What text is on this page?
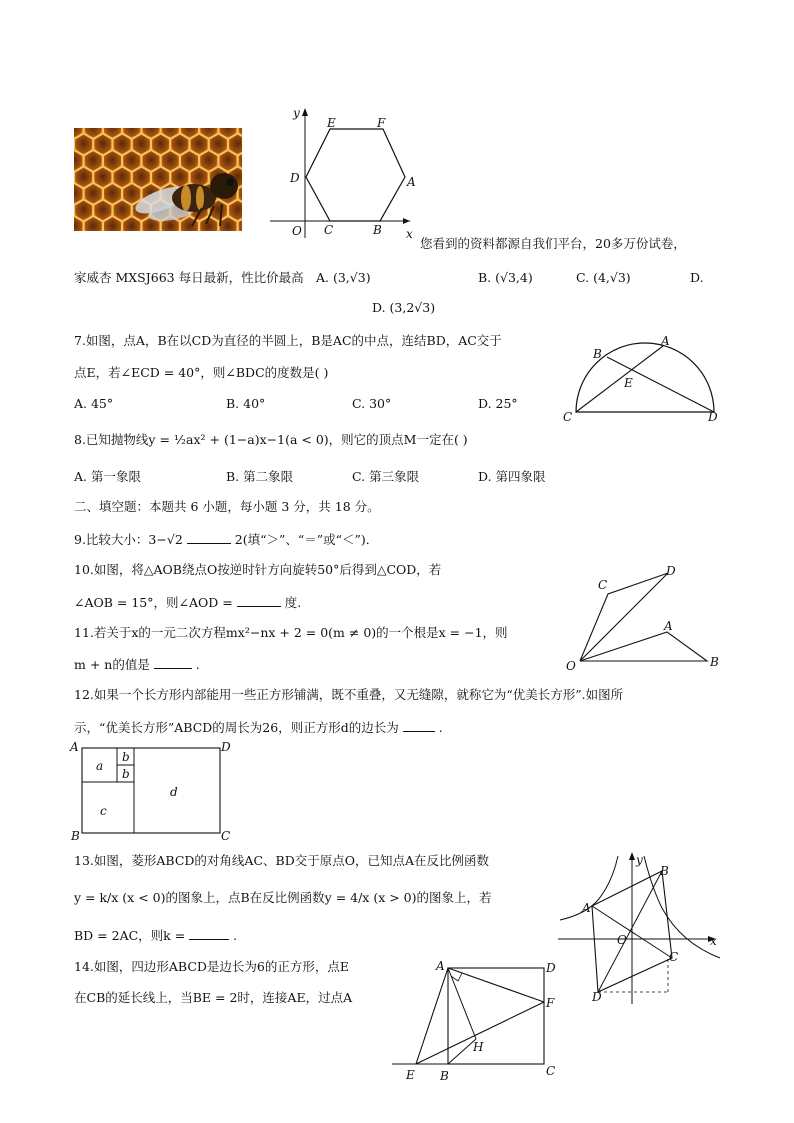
y
E	F
D	A
O C	B x
您看到的资料都源自我们平台，20多万份试卷，
家威杏 MXSJ663 每日最新，性比价最高 A. (3,√3)	B. (√3,4)	C. (4,√3)	D.
D. (3,2√3)
7.如图，点A，B在以CD为直径的半圆上，B是AC的中点，连结BD，AC交于
点E，若∠ECD = 40°，则∠BDC的度数是( )
A. 45°	B. 40°	C. 30°	D. 25°
B
A
E
C	D
8.已知抛物线y = ½ax² + (1−a)x−1(a < 0)，则它的顶点M一定在( )
A. 第一象限	B. 第二象限	C. 第三象限	D. 第四象限
二、填空题：本题共 6 小题，每小题 3 分，共 18 分。
9.比较大小：3−√2	2(填“＞”、“＝”或“＜”)．
10.如图，将△AOB绕点O按逆时针方向旋转50°后得到△COD，若
∠AOB = 15°，则∠AOD =	度.
C
D
A
O	B
11.若关于x的一元二次方程mx²−nx + 2 = 0(m ≠ 0)的一个根是x = −1，则
m + n的值是	.
12.如果一个长方形内部能用一些正方形铺满，既不重叠，又无缝隙，就称它为“优美长方形”.如图所
示，“优美长方形”ABCD的周长为26，则正方形d的边长为	.
A	D
a
b
b
d
c
B	C
13.如图，菱形ABCD的对角线AC、BD交于原点O，已知点A在反比例函数
y = k/x (x < 0)的图象上，点B在反比例函数y = 4/x (x > 0)的图象上，若
BD = 2AC，则k =	.
y
B
A
O	x
C
D
14.如图，四边形ABCD是边长为6的正方形，点E
在CB的延长线上，当BE = 2时，连接AE，过点A
A	D
F
H
E B	C
